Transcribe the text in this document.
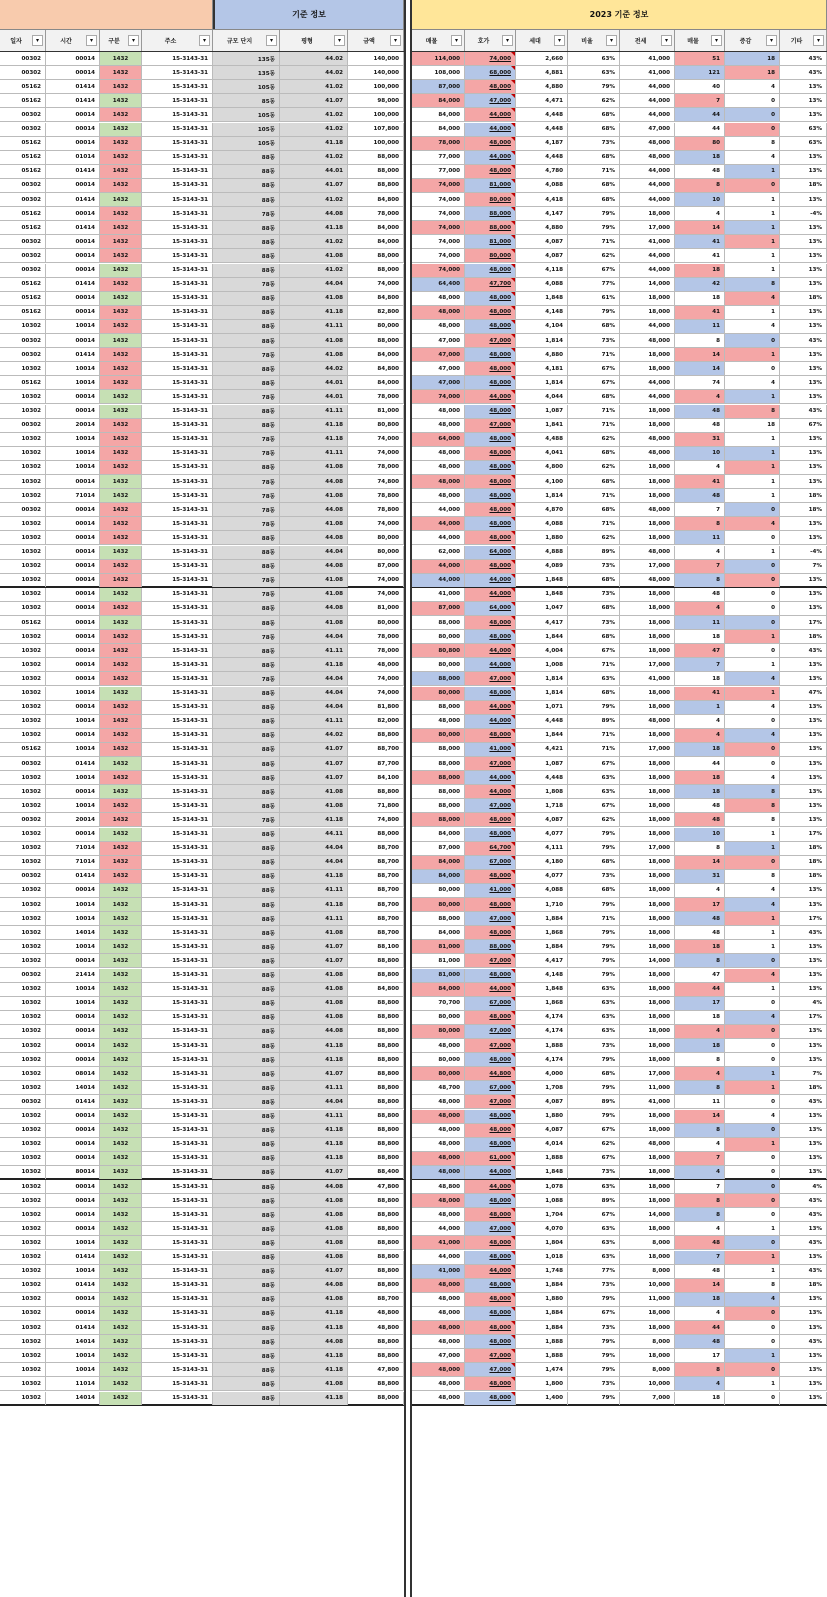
기준 정보	2023 기준 정보
일자	▾	시간	▾	구분	▾	주소	▾	규모 단지	▾	평형	▾	금액	▾	매물	▾	호가	▾	세대	▾	비율	▾	전세	▾	매물	▾	증감	▾	기타	▾
00302	00014	1432	15-3143-31	135동	44.02	140,000	114,000	74,000	2,660	63%	41,000	51	18	43%
00302	00014	1432	15-3143-31	135동	44.02	140,000	108,000	68,000	4,881	63%	41,000	121	18	43%
05162	01414	1432	15-3143-31	105동	41.02	100,000	87,000	48,000	4,880	79%	44,000	40	4	13%
05162	01414	1432	15-3143-31	85동	41.07	98,000	84,000	47,000	4,471	62%	44,000	7	0	13%
00302	00014	1432	15-3143-31	105동	41.02	100,000	84,000	44,000	4,448	68%	44,000	44	0	13%
00302	00014	1432	15-3143-31	105동	41.02	107,800	84,000	44,000	4,448	68%	47,000	44	0	63%
05162	00014	1432	15-3143-31	105동	41.18	100,000	78,000	48,000	4,187	73%	48,000	80	8	63%
05162	01014	1432	15-3143-31	88동	41.02	88,000	77,000	44,000	4,448	68%	48,000	18	4	13%
05162	01414	1432	15-3143-31	88동	44.01	88,000	77,000	48,000	4,780	71%	44,000	48	1	13%
00302	00014	1432	15-3143-31	88동	41.07	88,800	74,000	81,000	4,088	68%	44,000	8	0	18%
00302	01414	1432	15-3143-31	88동	41.02	84,800	74,000	80,000	4,418	68%	44,000	10	1	13%
05162	00014	1432	15-3143-31	78동	44.08	78,000	74,000	88,000	4,147	79%	18,000	4	1	-4%
05162	01414	1432	15-3143-31	88동	41.18	84,000	74,000	88,000	4,880	79%	17,000	14	1	13%
00302	00014	1432	15-3143-31	88동	41.02	84,000	74,000	81,000	4,087	71%	41,000	41	1	13%
00302	00014	1432	15-3143-31	88동	41.08	88,000	74,000	80,000	4,087	62%	44,000	41	1	13%
00302	00014	1432	15-3143-31	88동	41.02	88,000	74,000	48,000	4,118	67%	44,000	18	1	13%
05162	01414	1432	15-3143-31	78동	44.04	74,000	64,400	47,700	4,088	77%	14,000	42	8	13%
05162	00014	1432	15-3143-31	88동	41.08	84,800	48,000	48,000	1,848	61%	18,000	18	4	18%
05162	00014	1432	15-3143-31	88동	41.18	82,800	48,000	48,000	4,148	79%	18,000	41	1	13%
10302	10014	1432	15-3143-31	88동	41.11	80,000	48,000	48,000	4,104	68%	44,000	11	4	13%
00302	00014	1432	15-3143-31	88동	41.08	88,000	47,000	47,000	1,814	73%	48,000	8	0	43%
00302	01414	1432	15-3143-31	78동	41.08	84,000	47,000	48,000	4,880	71%	18,000	14	1	13%
10302	10014	1432	15-3143-31	88동	44.02	84,800	47,000	48,000	4,181	67%	18,000	14	0	13%
05162	10014	1432	15-3143-31	88동	44.01	84,000	47,000	48,000	1,814	67%	44,000	74	4	13%
10302	00014	1432	15-3143-31	78동	44.01	78,000	74,000	44,000	4,044	68%	44,000	4	1	13%
10302	00014	1432	15-3143-31	88동	41.11	81,000	48,000	48,000	1,087	71%	18,000	48	8	43%
00302	20014	1432	15-3143-31	88동	41.18	80,800	48,000	47,000	1,841	71%	18,000	48	18	67%
10302	10014	1432	15-3143-31	78동	41.18	74,000	64,000	48,000	4,488	62%	48,000	31	1	13%
10302	10014	1432	15-3143-31	78동	41.11	74,000	48,000	48,000	4,041	68%	48,000	10	1	13%
10302	10014	1432	15-3143-31	88동	41.08	78,000	48,000	48,000	4,800	62%	18,000	4	1	13%
10302	00014	1432	15-3143-31	78동	44.08	74,800	48,000	48,000	4,100	68%	18,000	41	1	13%
10302	71014	1432	15-3143-31	78동	41.08	78,800	48,000	48,000	1,814	71%	18,000	48	1	18%
00302	00014	1432	15-3143-31	78동	44.08	78,800	44,000	48,000	4,870	68%	48,000	7	0	18%
10302	00014	1432	15-3143-31	78동	41.08	74,000	44,000	48,000	4,088	71%	18,000	8	4	13%
10302	00014	1432	15-3143-31	88동	44.08	80,000	44,000	48,000	1,880	62%	18,000	11	0	13%
10302	00014	1432	15-3143-31	88동	44.04	80,000	62,000	64,000	4,888	89%	48,000	4	1	-4%
10302	00014	1432	15-3143-31	88동	44.08	87,000	44,000	48,000	4,089	73%	17,000	7	0	7%
10302	00014	1432	15-3143-31	78동	41.08	74,000	44,000	44,000	1,848	68%	48,000	8	0	13%
10302	00014	1432	15-3143-31	78동	41.08	74,000	41,000	44,000	1,848	73%	18,000	48	0	13%
10302	00014	1432	15-3143-31	88동	44.08	81,000	87,000	64,000	1,047	68%	18,000	4	0	13%
05162	00014	1432	15-3143-31	88동	41.08	80,000	88,000	48,000	4,417	73%	18,000	11	0	17%
10302	00014	1432	15-3143-31	78동	44.04	78,000	80,000	48,000	1,844	68%	18,000	18	1	18%
10302	00014	1432	15-3143-31	88동	41.11	78,000	80,800	44,000	4,004	67%	18,000	47	0	43%
10302	00014	1432	15-3143-31	88동	41.18	48,000	80,000	44,000	1,008	71%	17,000	7	1	13%
10302	00014	1432	15-3143-31	78동	44.04	74,000	88,000	47,000	1,814	63%	41,000	18	4	13%
10302	10014	1432	15-3143-31	88동	44.04	74,000	80,000	48,000	1,814	68%	18,000	41	1	47%
10302	00014	1432	15-3143-31	88동	44.04	81,800	88,000	44,000	1,071	79%	18,000	1	4	13%
10302	10014	1432	15-3143-31	88동	41.11	82,000	48,000	44,000	4,448	89%	48,000	4	0	13%
10302	00014	1432	15-3143-31	88동	44.02	88,800	80,000	48,000	1,844	71%	18,000	4	4	13%
05162	10014	1432	15-3143-31	88동	41.07	88,700	88,000	41,000	4,421	71%	17,000	18	0	13%
00302	01414	1432	15-3143-31	88동	41.07	87,700	88,000	47,000	1,087	67%	18,000	44	0	13%
10302	10014	1432	15-3143-31	88동	41.07	84,100	88,000	44,000	4,448	63%	18,000	18	4	13%
10302	00014	1432	15-3143-31	88동	41.08	88,800	88,000	44,000	1,808	63%	18,000	18	8	13%
10302	10014	1432	15-3143-31	88동	41.08	71,800	88,000	47,000	1,718	67%	18,000	48	8	13%
00302	20014	1432	15-3143-31	78동	41.18	74,800	88,000	48,000	4,087	62%	18,000	48	8	13%
10302	00014	1432	15-3143-31	88동	44.11	88,000	84,000	48,000	4,077	79%	18,000	10	1	17%
10302	71014	1432	15-3143-31	88동	44.04	88,700	87,000	64,700	4,111	79%	17,000	8	1	18%
10302	71014	1432	15-3143-31	88동	44.04	88,700	84,000	67,000	4,180	68%	18,000	14	0	18%
00302	01414	1432	15-3143-31	88동	41.18	88,700	84,000	48,000	4,077	73%	18,000	31	8	18%
10302	00014	1432	15-3143-31	88동	41.11	88,700	80,000	41,000	4,088	68%	18,000	4	4	13%
10302	10014	1432	15-3143-31	88동	41.18	88,700	80,000	48,000	1,710	79%	18,000	17	4	13%
10302	10014	1432	15-3143-31	88동	41.11	88,700	88,000	47,000	1,884	71%	18,000	48	1	17%
10302	14014	1432	15-3143-31	88동	41.08	88,700	84,000	48,000	1,868	79%	18,000	48	1	43%
10302	10014	1432	15-3143-31	88동	41.07	88,100	81,000	88,000	1,884	79%	18,000	18	1	13%
10302	00014	1432	15-3143-31	88동	41.07	88,800	81,000	47,000	4,417	79%	14,000	8	0	13%
00302	21414	1432	15-3143-31	88동	41.08	88,800	81,000	48,000	4,148	79%	18,000	47	4	13%
10302	10014	1432	15-3143-31	88동	41.08	84,800	84,000	44,000	1,848	63%	18,000	44	1	13%
10302	10014	1432	15-3143-31	88동	41.08	88,800	70,700	67,000	1,868	63%	18,000	17	0	4%
10302	00014	1432	15-3143-31	88동	41.08	88,800	80,000	48,000	4,174	63%	18,000	18	4	17%
10302	00014	1432	15-3143-31	88동	44.08	88,800	80,000	47,000	4,174	63%	18,000	4	0	13%
10302	00014	1432	15-3143-31	88동	41.18	88,800	48,000	47,000	1,888	73%	18,000	18	0	13%
10302	00014	1432	15-3143-31	88동	41.18	88,800	80,000	48,000	4,174	79%	18,000	8	0	13%
10302	08014	1432	15-3143-31	88동	41.07	88,800	80,000	44,800	4,000	68%	17,000	4	1	7%
10302	14014	1432	15-3143-31	88동	41.11	88,800	48,700	67,000	1,708	79%	11,000	8	1	18%
00302	01414	1432	15-3143-31	88동	44.04	88,800	48,000	47,000	4,087	89%	41,000	11	0	43%
10302	00014	1432	15-3143-31	88동	41.11	88,800	48,000	48,000	1,880	79%	18,000	14	4	13%
10302	00014	1432	15-3143-31	88동	41.18	88,800	48,000	48,000	4,087	67%	18,000	8	0	13%
10302	00014	1432	15-3143-31	88동	41.18	88,800	48,000	48,000	4,014	62%	48,000	4	1	13%
10302	00014	1432	15-3143-31	88동	41.18	88,800	48,000	61,000	1,888	67%	18,000	7	0	13%
10302	80014	1432	15-3143-31	88동	41.07	88,400	48,000	44,000	1,848	73%	18,000	4	0	13%
10302	00014	1432	15-3143-31	88동	44.08	47,800	48,800	44,000	1,078	63%	18,000	7	0	4%
10302	00014	1432	15-3143-31	88동	41.08	88,800	48,000	48,000	1,088	89%	18,000	8	0	43%
10302	00014	1432	15-3143-31	88동	41.08	88,800	48,000	48,000	1,704	67%	14,000	8	0	43%
10302	00014	1432	15-3143-31	88동	41.08	88,800	44,000	47,000	4,070	63%	18,000	4	1	13%
10302	10014	1432	15-3143-31	88동	41.08	88,800	41,000	48,000	1,804	63%	8,000	48	0	43%
10302	01414	1432	15-3143-31	88동	41.08	88,800	44,000	48,000	1,018	63%	18,000	7	1	13%
10302	10014	1432	15-3143-31	88동	41.07	88,800	41,000	44,000	1,748	77%	8,000	48	1	43%
10302	01414	1432	15-3143-31	88동	44.08	88,800	48,000	48,000	1,884	73%	10,000	14	8	18%
10302	00014	1432	15-3143-31	88동	41.08	88,700	48,000	48,000	1,880	79%	11,000	18	4	13%
10302	00014	1432	15-3143-31	88동	41.18	48,800	48,000	48,000	1,884	67%	18,000	4	0	13%
10302	01414	1432	15-3143-31	88동	41.18	48,800	48,000	48,000	1,884	73%	18,000	44	0	13%
10302	14014	1432	15-3143-31	88동	44.08	88,800	48,000	48,000	1,888	79%	8,000	48	0	43%
10302	10014	1432	15-3143-31	88동	41.18	88,800	47,000	47,000	1,888	79%	18,000	17	1	13%
10302	10014	1432	15-3143-31	88동	41.18	47,800	48,000	47,000	1,474	79%	8,000	8	0	13%
10302	11014	1432	15-3143-31	88동	41.08	88,800	48,000	48,000	1,800	73%	10,000	4	1	13%
10302	14014	1432	15-3143-31	88동	41.18	88,000	48,000	48,000	1,400	79%	7,000	18	0	13%
